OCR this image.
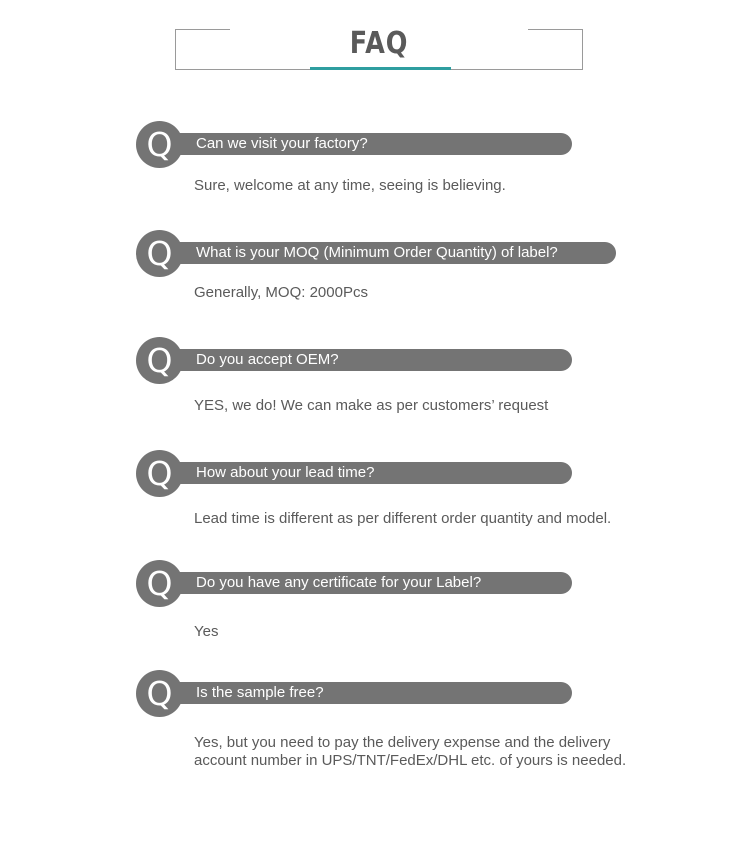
FAQ
Q	Can we visit your factory?
Sure, welcome at any time, seeing is believing.
Q	What is your MOQ (Minimum Order Quantity) of label?
Generally, MOQ: 2000Pcs
Q	Do you accept OEM?
YES, we do! We can make as per customers’ request
Q	How about your lead time?
Lead time is different as per different order quantity and model.
Q	Do you have any certificate for your Label?
Yes
Q	Is the sample free?
Yes, but you need to pay the delivery expense and the delivery
account number in UPS/TNT/FedEx/DHL etc. of yours is needed.
